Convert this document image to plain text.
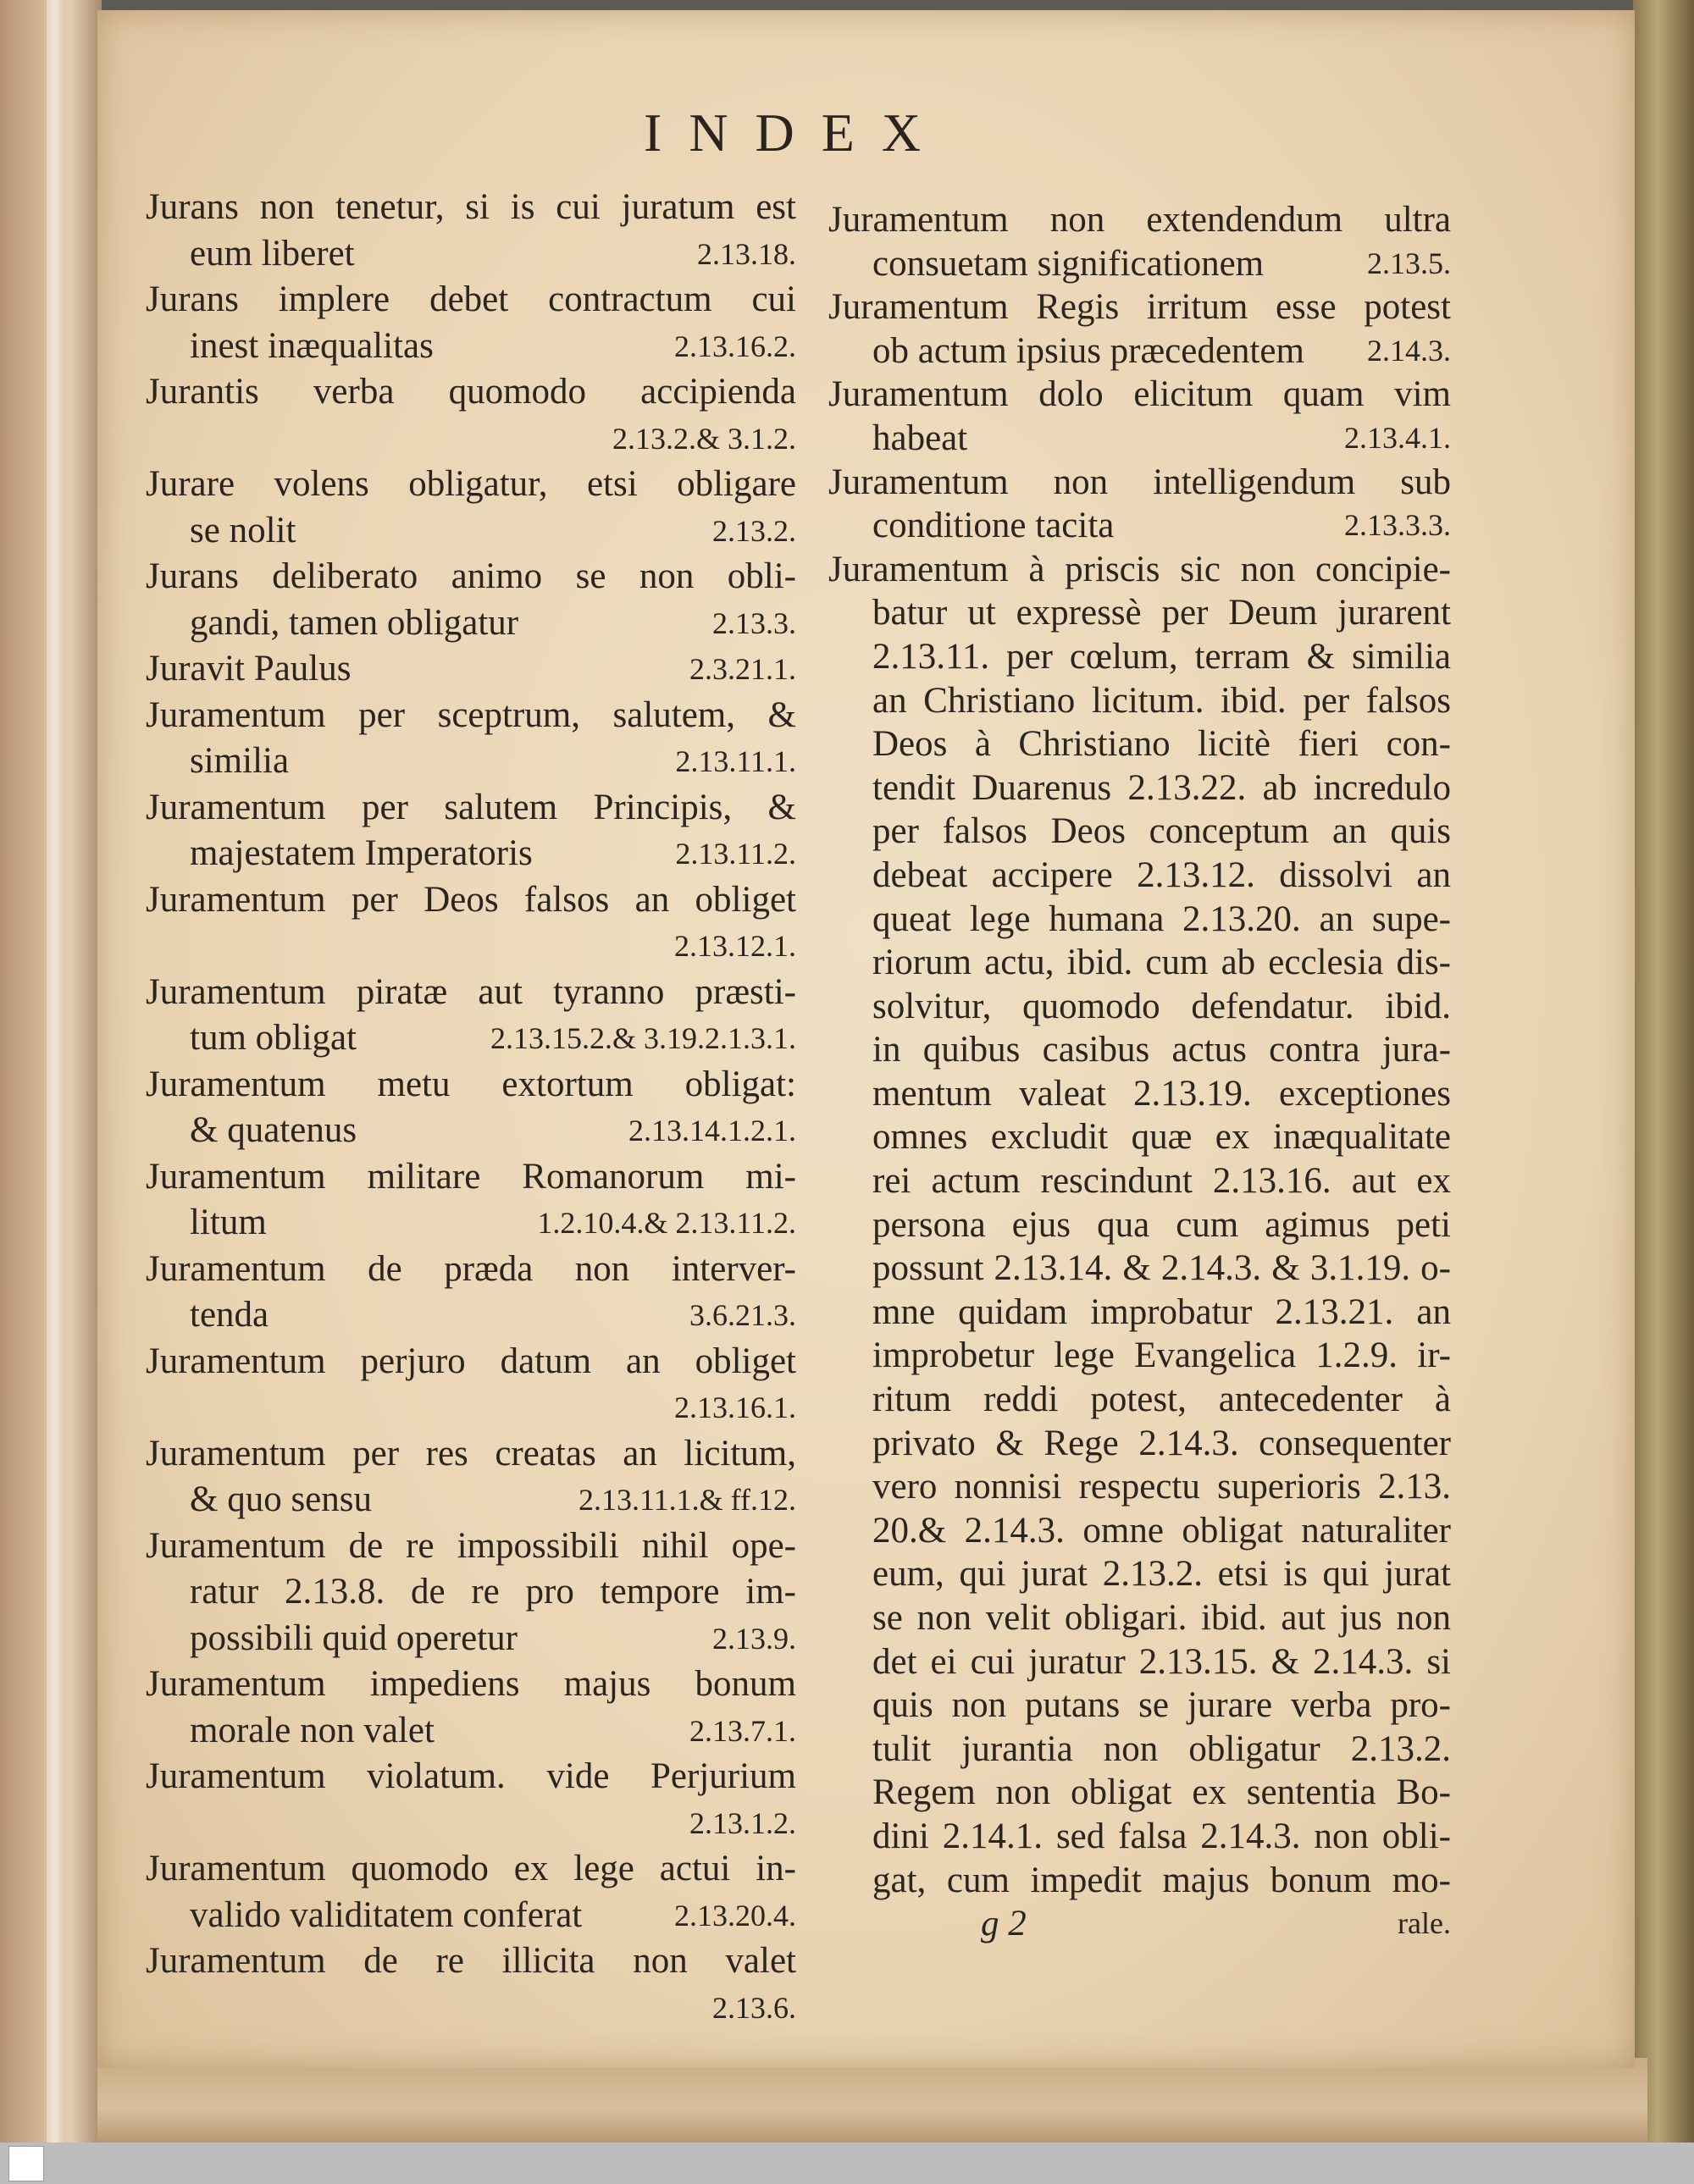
INDEX
Jurans non tenetur, si is cui juratum est
eum liberet	2.13.18.
Jurans implere debet contractum cui
inest inæqualitas	2.13.16.2.
Jurantis verba quomodo accipienda
2.13.2.& 3.1.2.
Jurare volens obligatur, etsi obligare
se nolit	2.13.2.
Jurans deliberato animo se non obli-
gandi, tamen obligatur	2.13.3.
Juravit Paulus	2.3.21.1.
Juramentum per sceptrum, salutem, &
similia	2.13.11.1.
Juramentum per salutem Principis, &
majestatem Imperatoris	2.13.11.2.
Juramentum per Deos falsos an obliget
2.13.12.1.
Juramentum piratæ aut tyranno præsti-
tum obligat	2.13.15.2.& 3.19.2.1.3.1.
Juramentum metu extortum obligat:
& quatenus	2.13.14.1.2.1.
Juramentum militare Romanorum mi-
litum	1.2.10.4.& 2.13.11.2.
Juramentum de præda non interver-
tenda	3.6.21.3.
Juramentum perjuro datum an obliget
2.13.16.1.
Juramentum per res creatas an licitum,
& quo sensu	2.13.11.1.& ff.12.
Juramentum de re impossibili nihil ope-
ratur 2.13.8. de re pro tempore im-
possibili quid operetur	2.13.9.
Juramentum impediens majus bonum
morale non valet	2.13.7.1.
Juramentum violatum. vide Perjurium
2.13.1.2.
Juramentum quomodo ex lege actui in-
valido validitatem conferat	2.13.20.4.
Juramentum de re illicita non valet
2.13.6.
Juramentum non extendendum ultra
consuetam significationem	2.13.5.
Juramentum Regis irritum esse potest
ob actum ipsius præcedentem	2.14.3.
Juramentum dolo elicitum quam vim
habeat	2.13.4.1.
Juramentum non intelligendum sub
conditione tacita	2.13.3.3.
Juramentum à priscis sic non concipie-
batur ut expressè per Deum jurarent
2.13.11. per cœlum, terram & similia
an Christiano licitum. ibid. per falsos
Deos à Christiano licitè fieri con-
tendit Duarenus 2.13.22. ab incredulo
per falsos Deos conceptum an quis
debeat accipere 2.13.12. dissolvi an
queat lege humana 2.13.20. an supe-
riorum actu, ibid. cum ab ecclesia dis-
solvitur, quomodo defendatur. ibid.
in quibus casibus actus contra jura-
mentum valeat 2.13.19. exceptiones
omnes excludit quæ ex inæqualitate
rei actum rescindunt 2.13.16. aut ex
persona ejus qua cum agimus peti
possunt 2.13.14. & 2.14.3. & 3.1.19. o-
mne quidam improbatur 2.13.21. an
improbetur lege Evangelica 1.2.9. ir-
ritum reddi potest, antecedenter à
privato & Rege 2.14.3. consequenter
vero nonnisi respectu superioris 2.13.
20.& 2.14.3. omne obligat naturaliter
eum, qui jurat 2.13.2. etsi is qui jurat
se non velit obligari. ibid. aut jus non
det ei cui juratur 2.13.15. & 2.14.3. si
quis non putans se jurare verba pro-
tulit jurantia non obligatur 2.13.2.
Regem non obligat ex sententia Bo-
dini 2.14.1. sed falsa 2.14.3. non obli-
gat, cum impedit majus bonum mo-
g 2	rale.
